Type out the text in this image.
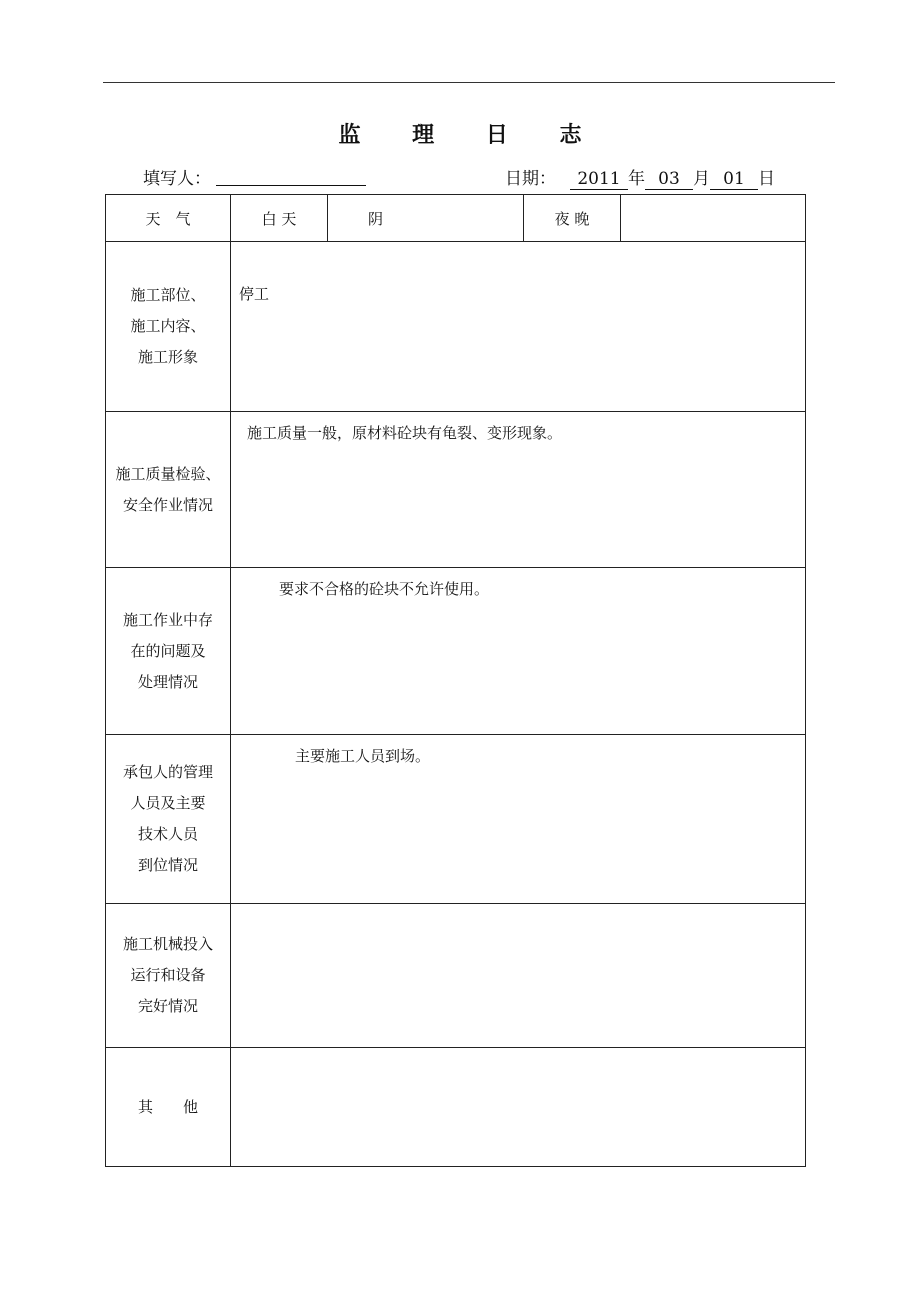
监 理 日 志
填写人：	日期： 2011 年 03 月 01 日
天　气	白 天	阴	夜 晚	

施工部位、
施工内容、
施工形象	停工			

施工质量检验、
安全作业情况	施工质量一般，原材料砼块有龟裂、变形现象。			

施工作业中存
在的问题及
处理情况	要求不合格的砼块不允许使用。			

承包人的管理
人员及主要
技术人员
到位情况	主要施工人员到场。			

施工机械投入
运行和设备
完好情况				

其　　他				
